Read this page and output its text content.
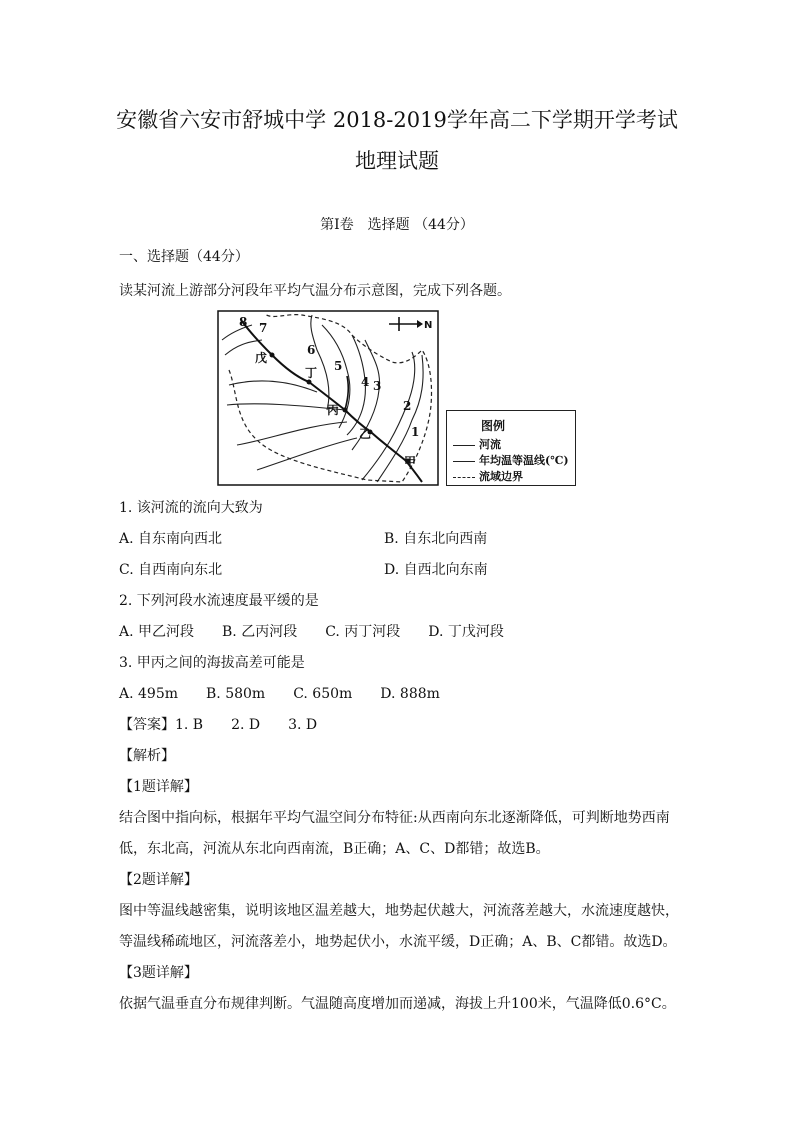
安徽省六安市舒城中学 2018-2019学年高二下学期开学考试
地理试题
第Ⅰ卷　选择题 （44分）
一、选择题（44分）
读某河流上游部分河段年平均气温分布示意图，完成下列各题。
甲
乙
丙
丁
戊
1
2
3
4
5
6
7
8	N
图例
河流
年均温等温线(℃)
流域边界
1. 该河流的流向大致为
A. 自东南向西北	B. 自东北向西南
C. 自西南向东北	D. 自西北向东南
2. 下列河段水流速度最平缓的是
A. 甲乙河段　　B. 乙丙河段　　C. 丙丁河段　　D. 丁戊河段
3. 甲丙之间的海拔高差可能是
A. 495m　　B. 580m　　C. 650m　　D. 888m
【答案】1. B　　2. D　　3. D
【解析】
【1题详解】
结合图中指向标，根据年平均气温空间分布特征:从西南向东北逐渐降低，可判断地势西南低，东北高，河流从东北向西南流，B正确；A、C、D都错；故选B。
【2题详解】
图中等温线越密集，说明该地区温差越大，地势起伏越大，河流落差越大，水流速度越快，等温线稀疏地区，河流落差小，地势起伏小，水流平缓，D正确；A、B、C都错。故选D。
【3题详解】
依据气温垂直分布规律判断。气温随高度增加而递减，海拔上升100米，气温降低0.6°C。
